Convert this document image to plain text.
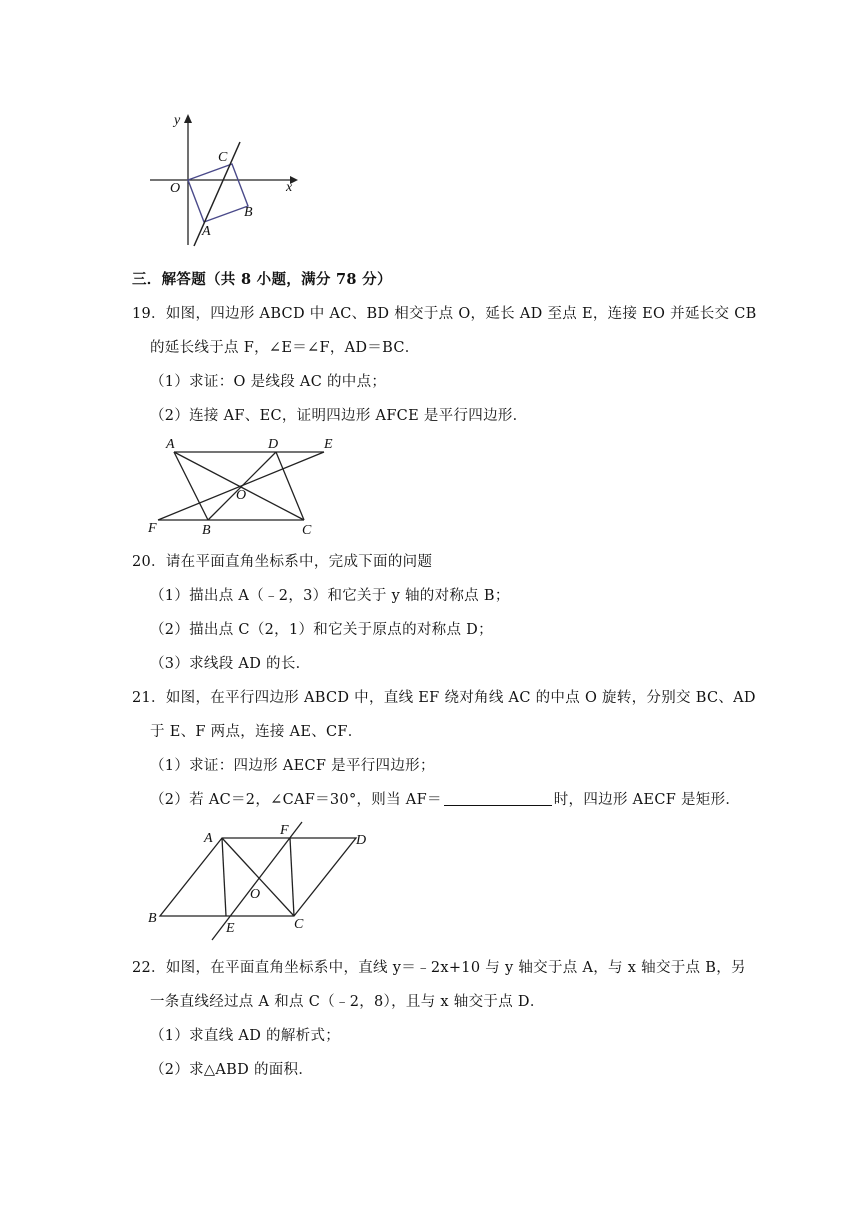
y
x
O
C
B
A
三．解答题（共 8 小题，满分 78 分）
19．如图，四边形 ABCD 中 AC、BD 相交于点 O，延长 AD 至点 E，连接 EO 并延长交 CB
的延长线于点 F，∠E＝∠F，AD＝BC．
（1）求证：O 是线段 AC 的中点；
（2）连接 AF、EC，证明四边形 AFCE 是平行四边形．
A	D	E
O
F	B	C
20．请在平面直角坐标系中，完成下面的问题
（1）描出点 A（﹣2，3）和它关于 y 轴的对称点 B；
（2）描出点 C（2，1）和它关于原点的对称点 D；
（3）求线段 AD 的长．
21．如图，在平行四边形 ABCD 中，直线 EF 绕对角线 AC 的中点 O 旋转，分别交 BC、AD
于 E、F 两点，连接 AE、CF．
（1）求证：四边形 AECF 是平行四边形；
（2）若 AC＝2，∠CAF＝30°，则当 AF＝	时，四边形 AECF 是矩形．
A
F
D
O
B
E	C
22．如图，在平面直角坐标系中，直线 y＝﹣2x+10 与 y 轴交于点 A，与 x 轴交于点 B，另
一条直线经过点 A 和点 C（﹣2，8），且与 x 轴交于点 D．
（1）求直线 AD 的解析式；
（2）求△ABD 的面积．
